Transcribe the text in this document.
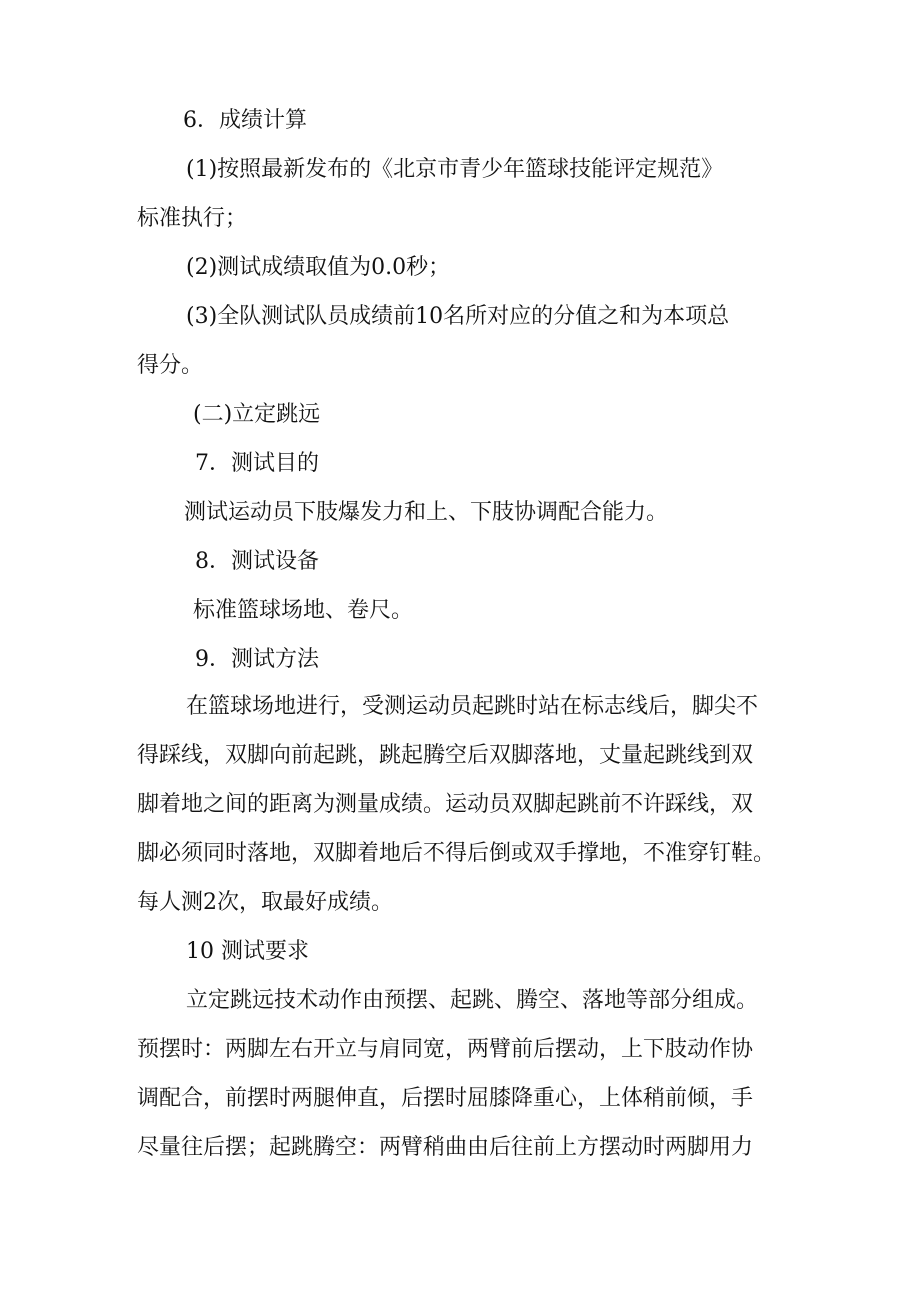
6．成绩计算
(1)按照最新发布的《北京市青少年篮球技能评定规范》
标准执行；
(2)测试成绩取值为0.0秒；
(3)全队测试队员成绩前10名所对应的分值之和为本项总
得分。
(二)立定跳远
7．测试目的
测试运动员下肢爆发力和上、下肢协调配合能力。
8．测试设备
标准篮球场地、卷尺。
9．测试方法
在篮球场地进行，受测运动员起跳时站在标志线后，脚尖不
得踩线，双脚向前起跳，跳起腾空后双脚落地，丈量起跳线到双
脚着地之间的距离为测量成绩。运动员双脚起跳前不许踩线，双
脚必须同时落地，双脚着地后不得后倒或双手撑地，不准穿钉鞋。
每人测2次，取最好成绩。
10 测试要求
立定跳远技术动作由预摆、起跳、腾空、落地等部分组成。
预摆时：两脚左右开立与肩同宽，两臂前后摆动，上下肢动作协
调配合，前摆时两腿伸直，后摆时屈膝降重心，上体稍前倾，手
尽量往后摆；起跳腾空：两臂稍曲由后往前上方摆动时两脚用力
